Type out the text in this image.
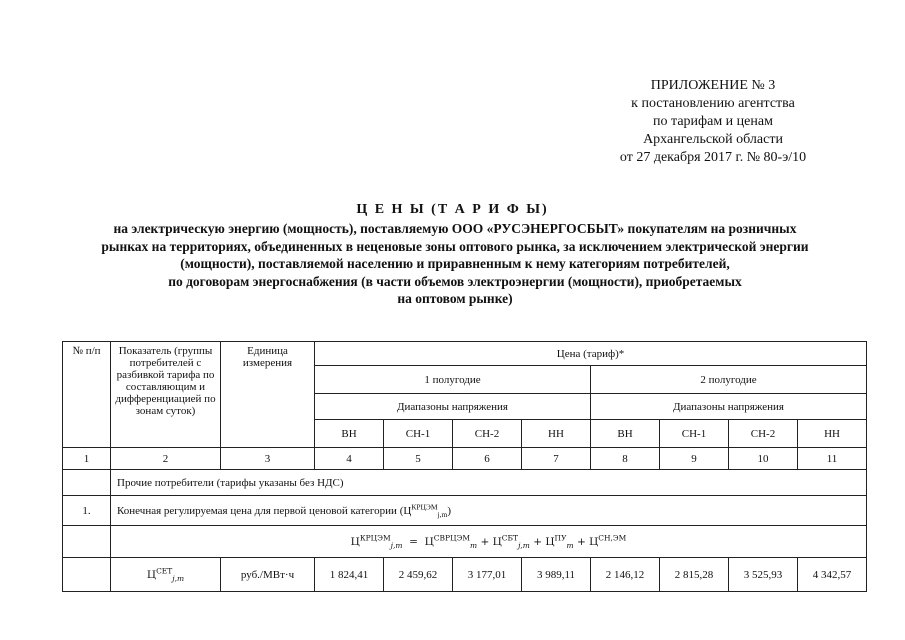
ПРИЛОЖЕНИЕ № 3
к постановлению агентства
по тарифам и ценам
Архангельской области
от 27 декабря 2017 г. № 80-э/10
Ц Е Н Ы (Т А Р И Ф Ы)
на электрическую энергию (мощность), поставляемую ООО «РУСЭНЕРГОСБЫТ» покупателям на розничных
рынках на территориях, объединенных в неценовые зоны оптового рынка, за исключением электрической энергии
(мощности), поставляемой населению и приравненным к нему категориям потребителей,
по договорам энергоснабжения (в части объемов электроэнергии (мощности), приобретаемых
на оптовом рынке)
№ п/п	Показатель (группы потребителей с разбивкой тарифа по составляющим и дифференциацией по зонам суток)	Единица измерения	Цена (тариф)*							
			1 полугодие				2 полугодие			
			Диапазоны напряжения				Диапазоны напряжения			
			ВН	СН-1	СН-2	НН	ВН	СН-1	СН-2	НН
1	2	3	4	5	6	7	8	9	10	11
	Прочие потребители (тарифы указаны без НДС)									
1.	Конечная регулируемая цена для первой ценовой категории $(Ц^{КРЦЭМ}_{j,m})$									
	$Ц^{КРЦЭМ}_{j,m} = Ц^{СВРЦЭМ}_m + Ц^{СБТ}_{j,m} + Ц^{ПУ}_m + Ц^{СН,ЭМ}$
	$Ц^{СЕТ}_{j,m}$	руб./МВт·ч	1 824,41	2 459,62	3 177,01	3 989,11	2 146,12	2 815,28	3 525,93	4 342,57
